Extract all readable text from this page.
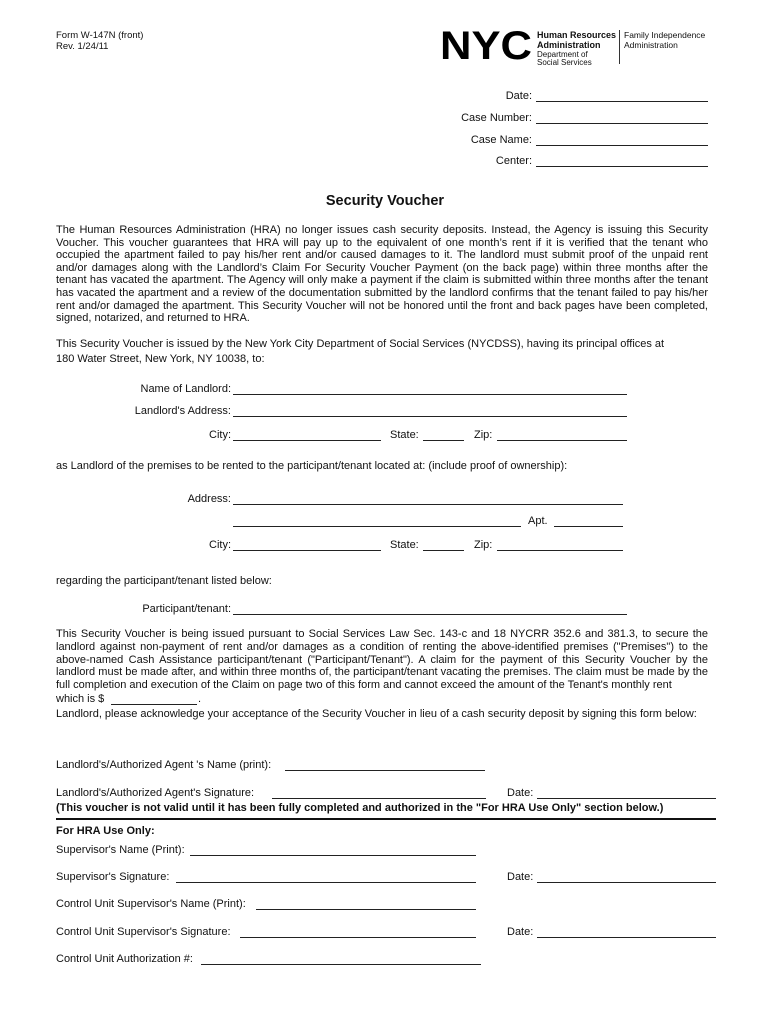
Form W-147N (front)
Rev. 1/24/11	NYC Human Resources
Administration
Department of
Social Services
Family Independence
Administration
Date:
Case Number:
Case Name:
Center:
Security Voucher
The Human Resources Administration (HRA) no longer issues cash security deposits. Instead, the Agency is issuing this Security Voucher. This voucher guarantees that HRA will pay up to the equivalent of one month’s rent if it is verified that the tenant who occupied the apartment failed to pay his/her rent and/or caused damages to it. The landlord must submit proof of the unpaid rent and/or damages along with the Landlord’s Claim For Security Voucher Payment (on the back page) within three months after the tenant has vacated the apartment. The Agency will only make a payment if the claim is submitted within three months after the tenant has vacated the apartment and a review of the documentation submitted by the landlord confirms that the tenant failed to pay his/her rent and/or damaged the apartment. This Security Voucher will not be honored until the front and back pages have been completed, signed, notarized, and returned to HRA.
This Security Voucher is issued by the New York City Department of Social Services (NYCDSS), having its principal offices at
180 Water Street, New York, NY 10038, to:
Name of Landlord:
Landlord's Address:
City:	State:	Zip:
as Landlord of the premises to be rented to the participant/tenant located at: (include proof of ownership):
Address:
Apt.
City:	State:	Zip:
regarding the participant/tenant listed below:
Participant/tenant:
This Security Voucher is being issued pursuant to Social Services Law Sec. 143-c and 18 NYCRR 352.6 and 381.3, to secure the landlord against non-payment of rent and/or damages as a condition of renting the above-identified premises ("Premises") to the above-named Cash Assistance participant/tenant ("Participant/Tenant"). A claim for the payment of this Security Voucher by the landlord must be made after, and within three months of, the participant/tenant vacating the premises. The claim must be made by the full completion and execution of the Claim on page two of this form and cannot exceed the amount of the Tenant's monthly rent
which is $	.
Landlord, please acknowledge your acceptance of the Security Voucher in lieu of a cash security deposit by signing this form below:
Landlord's/Authorized Agent 's Name (print):
Landlord's/Authorized Agent's Signature:	Date:
(This voucher is not valid until it has been fully completed and authorized in the "For HRA Use Only" section below.)
For HRA Use Only:
Supervisor's Name (Print):
Supervisor's Signature:	Date:
Control Unit Supervisor's Name (Print):
Control Unit Supervisor's Signature:	Date:
Control Unit Authorization #:
